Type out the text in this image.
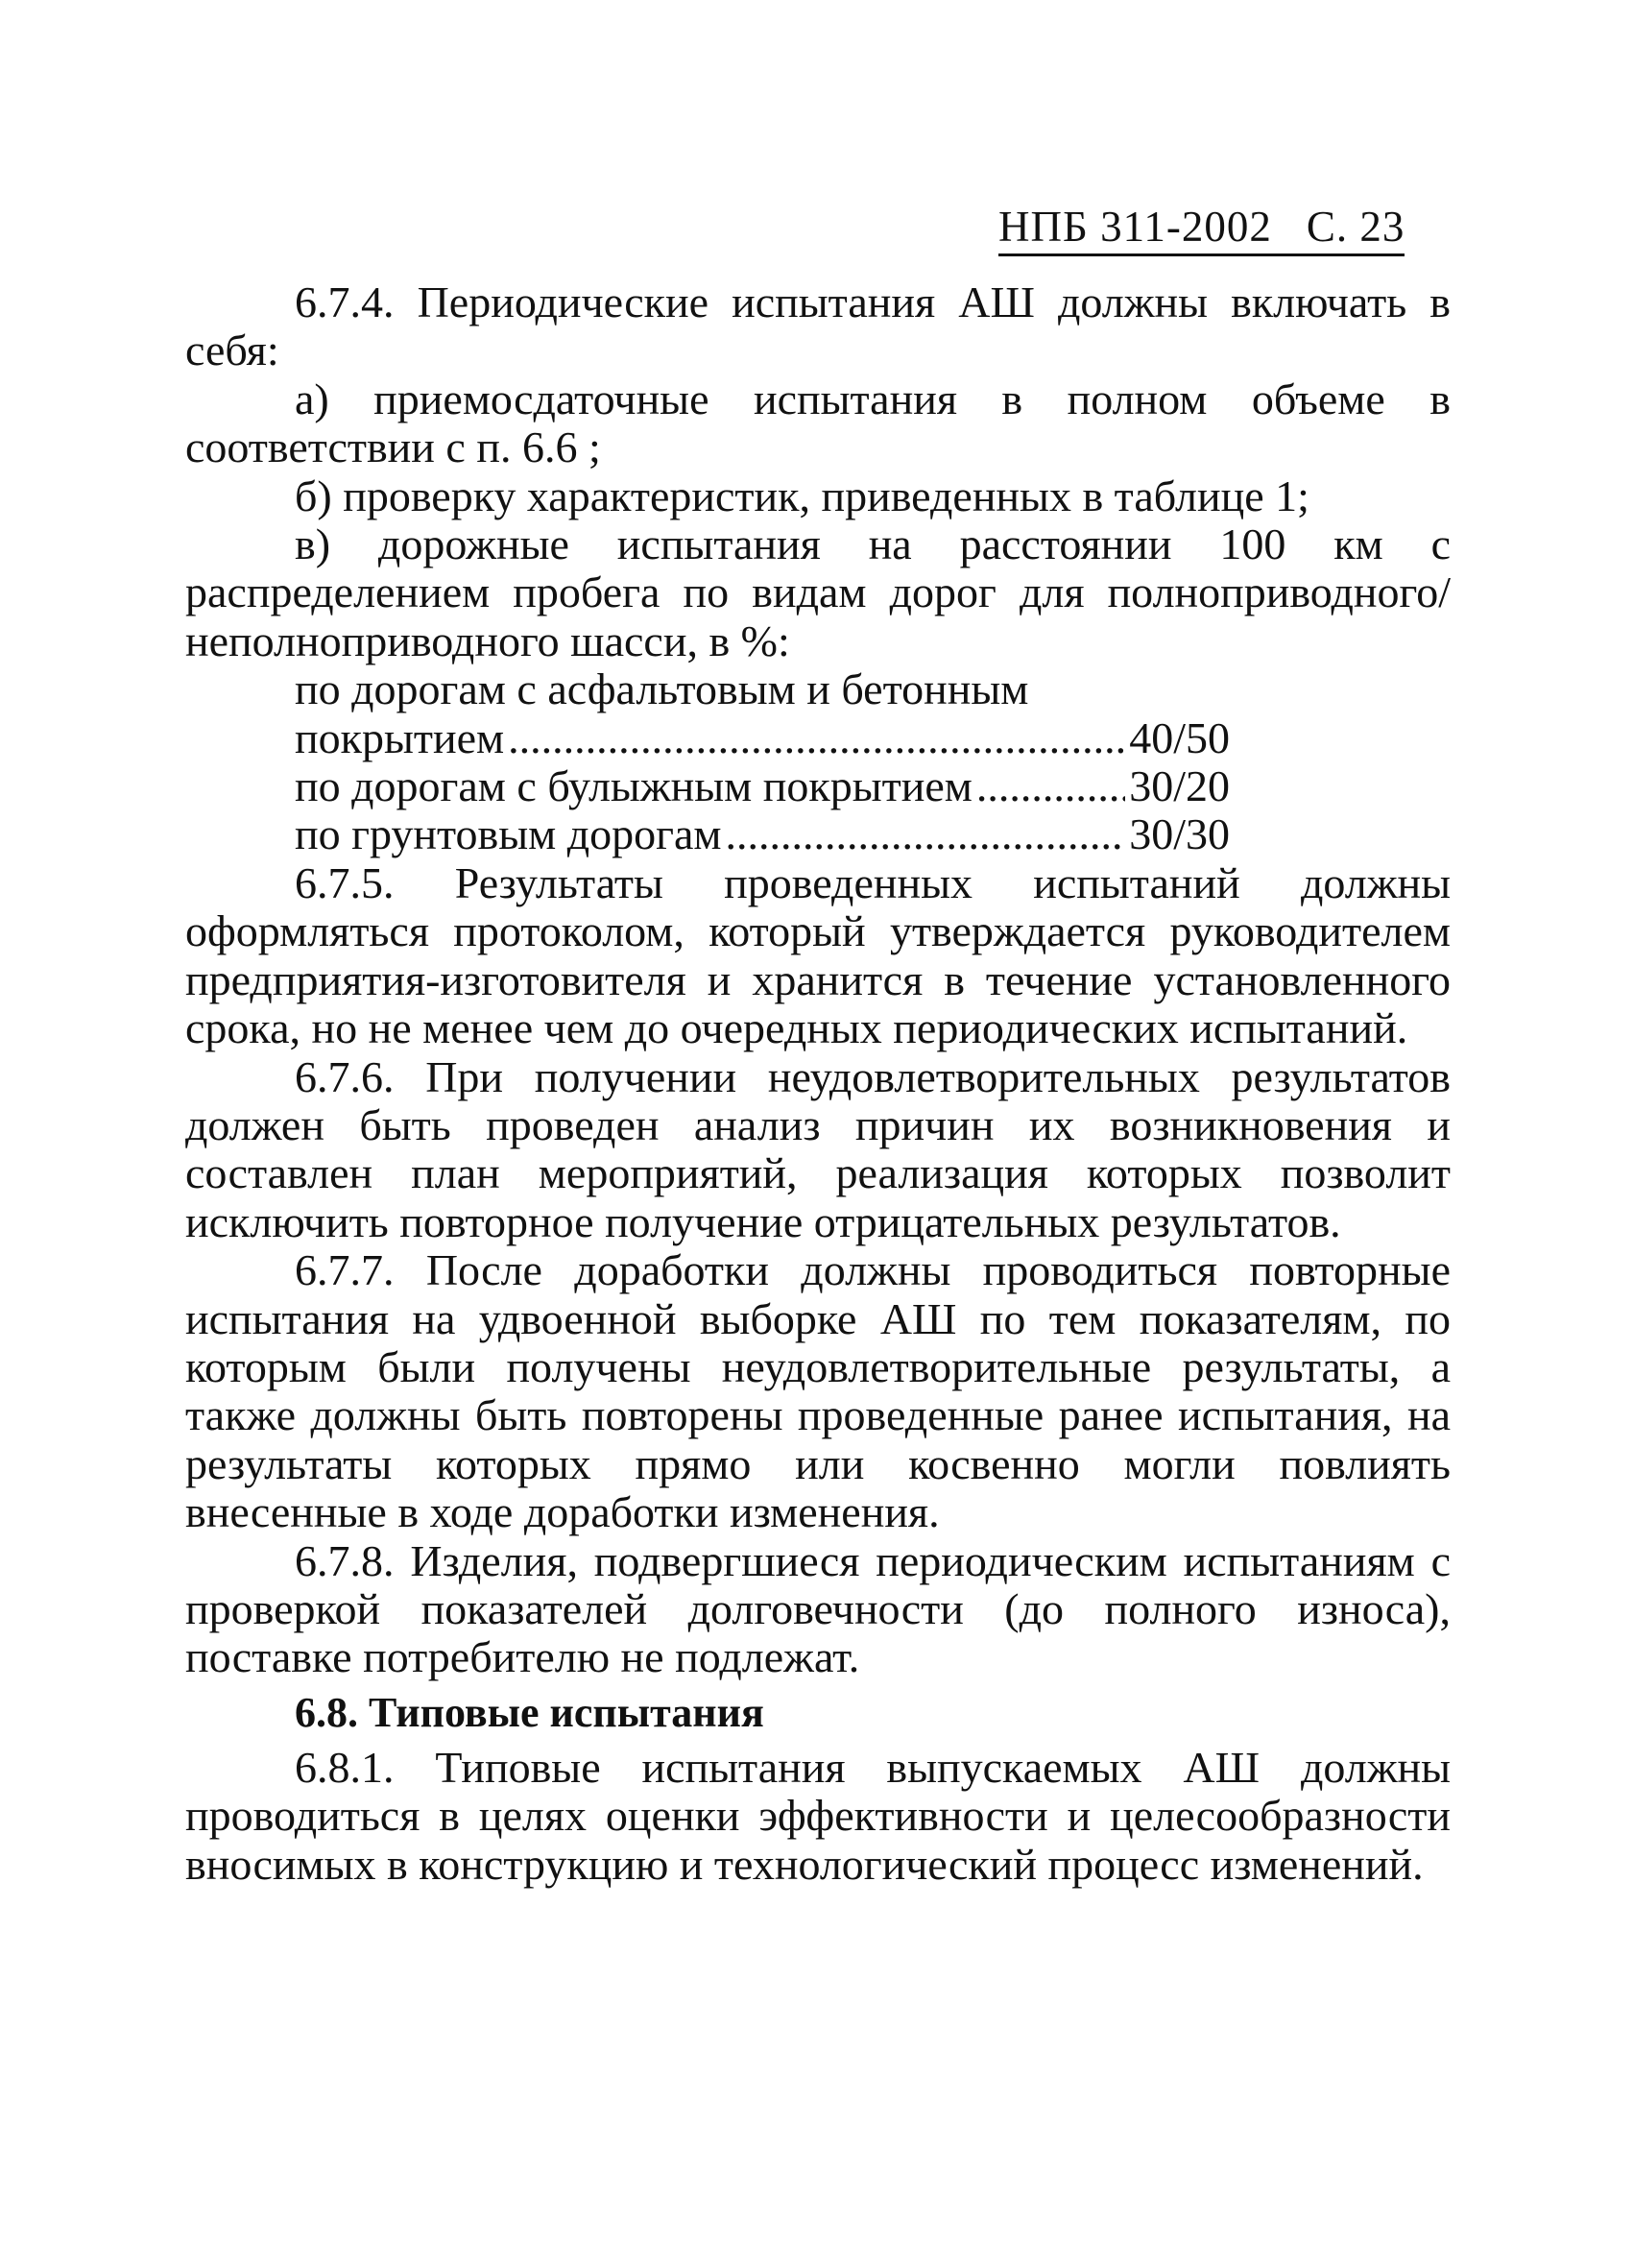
НПБ 311-2002 С. 23

6.7.4. Периодические испытания АШ должны включать в себя:

а) приемосдаточные испытания в полном объеме в соответствии с п. 6.6 ;

б) проверку характеристик, приведенных в таблице 1;

в) дорожные испытания на расстоянии 100 км с распределением пробега по видам дорог для полноприводного/неполноприводного шасси, в %:

по дорогам с асфальтовым и бетонным
покрытием .....	40/50
по дорогам с булыжным покрытием .....	30/20
по грунтовым дорогам .....	30/30

6.7.5. Результаты проведенных испытаний должны оформляться протоколом, который утверждается руководителем предприятия-изготовителя и хранится в течение установленного срока, но не менее чем до очередных периодических испытаний.

6.7.6. При получении неудовлетворительных результатов должен быть проведен анализ причин их возникновения и составлен план мероприятий, реализация которых позволит исключить повторное получение отрицательных результатов.

6.7.7. После доработки должны проводиться повторные испытания на удвоенной выборке АШ по тем показателям, по которым были получены неудовлетворительные результаты, а также должны быть повторены проведенные ранее испытания, на результаты которых прямо или косвенно могли повлиять внесенные в ходе доработки изменения.

6.7.8. Изделия, подвергшиеся периодическим испытаниям с проверкой показателей долговечности (до полного износа), поставке потребителю не подлежат.

6.8. Типовые испытания

6.8.1. Типовые испытания выпускаемых АШ должны проводиться в целях оценки эффективности и целесообразности вносимых в конструкцию и технологический процесс изменений.
